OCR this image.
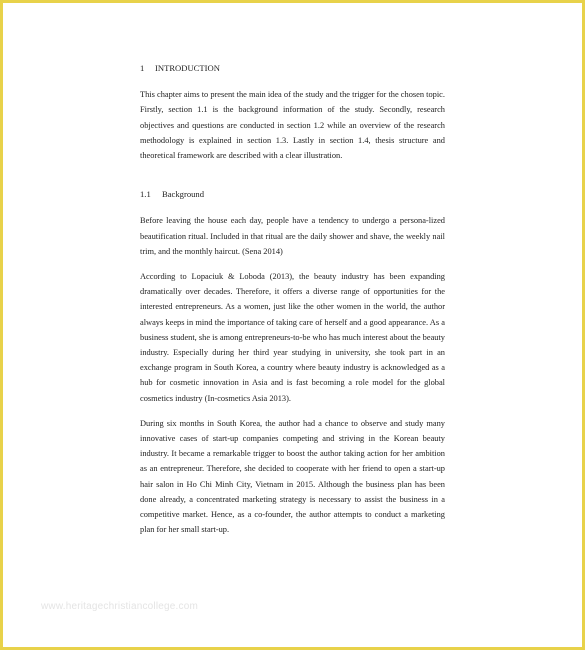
1	INTRODUCTION

This chapter aims to present the main idea of the study and the trigger for the chosen topic. Firstly, section 1.1 is the background information of the study. Secondly, research objectives and questions are conducted in section 1.2 while an overview of the research methodology is explained in section 1.3. Lastly in section 1.4, thesis structure and theoretical framework are described with a clear illustration.

1.1	Background

Before leaving the house each day, people have a tendency to undergo a persona-lized beautification ritual. Included in that ritual are the daily shower and shave, the weekly nail trim, and the monthly haircut. (Sena 2014)

According to Lopaciuk & Loboda (2013), the beauty industry has been expanding dramatically over decades. Therefore, it offers a diverse range of opportunities for the interested entrepreneurs. As a women, just like the other women in the world, the author always keeps in mind the importance of taking care of herself and a good appearance. As a business student, she is among entrepreneurs-to-be who has much interest about the beauty industry. Especially during her third year studying in university, she took part in an exchange program in South Korea, a country where beauty industry is acknowledged as a hub for cosmetic innovation in Asia and is fast becoming a role model for the global cosmetics industry (In-cosmetics Asia 2013).

During six months in South Korea, the author had a chance to observe and study many innovative cases of start-up companies competing and striving in the Korean beauty industry. It became a remarkable trigger to boost the author taking action for her ambition as an entrepreneur. Therefore, she decided to cooperate with her friend to open a start-up hair salon in Ho Chi Minh City, Vietnam in 2015. Although the business plan has been done already, a concentrated marketing strategy is necessary to assist the business in a competitive market. Hence, as a co-founder, the author attempts to conduct a marketing plan for her small start-up.

www.heritagechristiancollege.com
